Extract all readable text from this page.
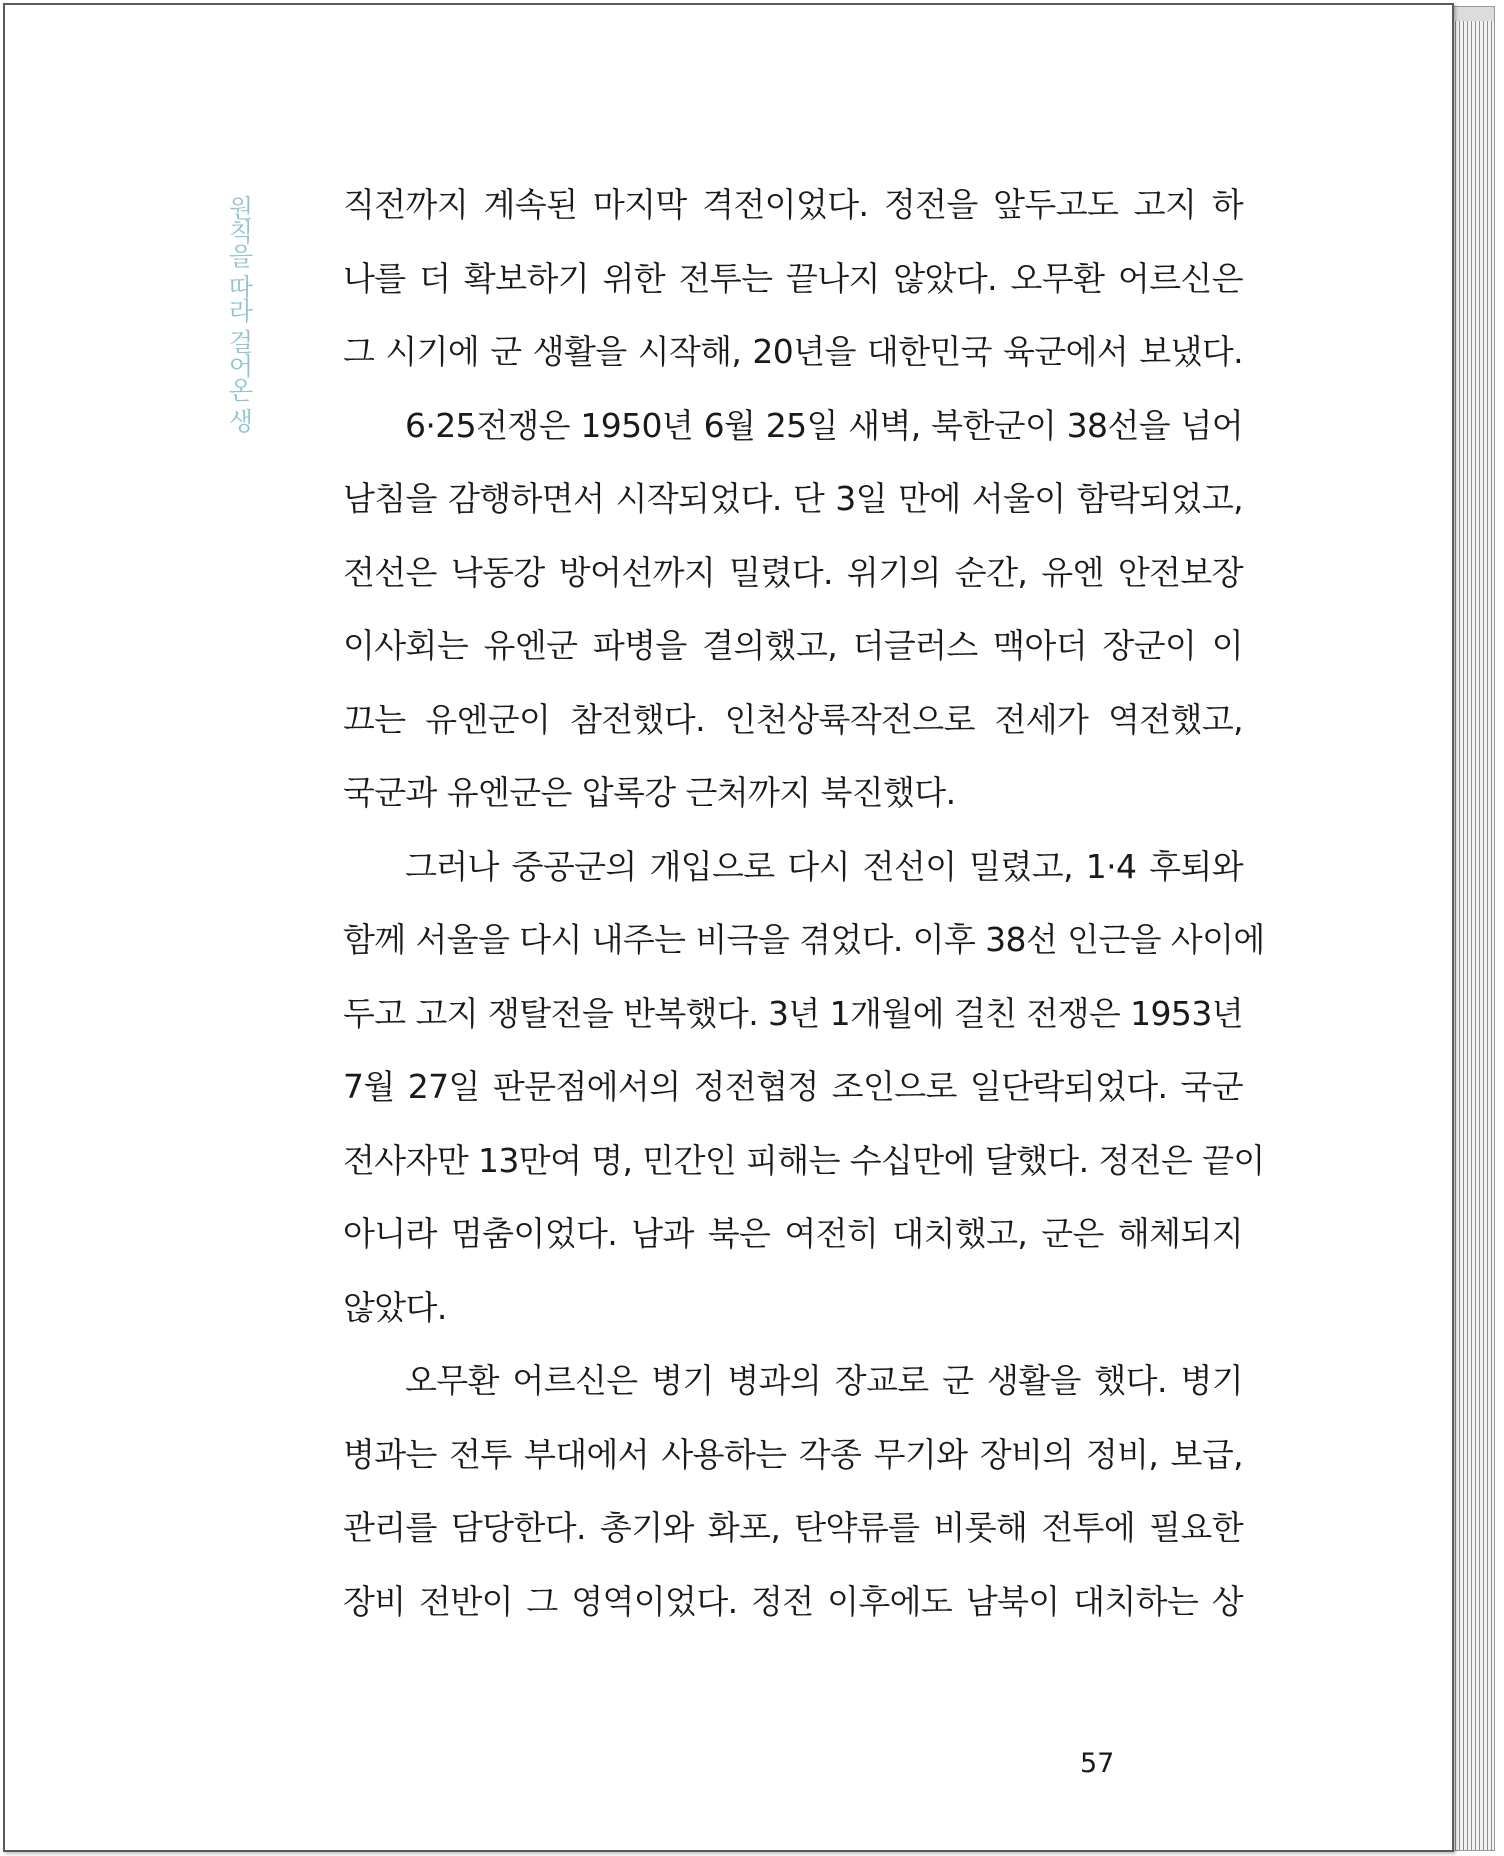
원칙을 따라 걸어온 생	직전까지 계속된 마지막 격전이었다. 정전을 앞두고도 고지 하
나를 더 확보하기 위한 전투는 끝나지 않았다. 오무환 어르신은
그 시기에 군 생활을 시작해, 20년을 대한민국 육군에서 보냈다.
6·25전쟁은 1950년 6월 25일 새벽, 북한군이 38선을 넘어
남침을 감행하면서 시작되었다. 단 3일 만에 서울이 함락되었고,
전선은 낙동강 방어선까지 밀렸다. 위기의 순간, 유엔 안전보장
이사회는 유엔군 파병을 결의했고, 더글러스 맥아더 장군이 이
끄는 유엔군이 참전했다. 인천상륙작전으로 전세가 역전했고,
국군과 유엔군은 압록강 근처까지 북진했다.
그러나 중공군의 개입으로 다시 전선이 밀렸고, 1·4 후퇴와
함께 서울을 다시 내주는 비극을 겪었다. 이후 38선 인근을 사이에
두고 고지 쟁탈전을 반복했다. 3년 1개월에 걸친 전쟁은 1953년
7월 27일 판문점에서의 정전협정 조인으로 일단락되었다. 국군
전사자만 13만여 명, 민간인 피해는 수십만에 달했다. 정전은 끝이
아니라 멈춤이었다. 남과 북은 여전히 대치했고, 군은 해체되지
않았다.
오무환 어르신은 병기 병과의 장교로 군 생활을 했다. 병기
병과는 전투 부대에서 사용하는 각종 무기와 장비의 정비, 보급,
관리를 담당한다. 총기와 화포, 탄약류를 비롯해 전투에 필요한
장비 전반이 그 영역이었다. 정전 이후에도 남북이 대치하는 상
57
